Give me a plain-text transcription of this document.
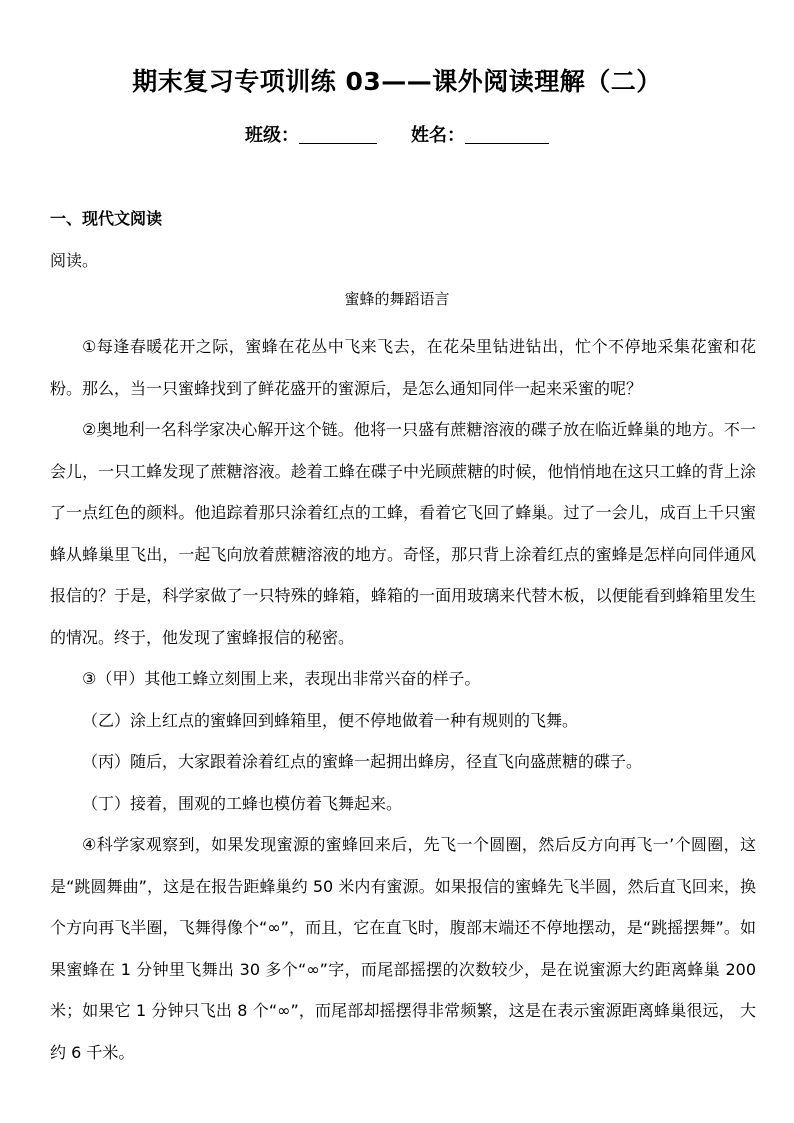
期末复习专项训练 03——课外阅读理解（二）
班级：	姓名：
一、现代文阅读
阅读。
蜜蜂的舞蹈语言

①每逢春暖花开之际，蜜蜂在花丛中飞来飞去，在花朵里钻进钻出，忙个不停地采集花蜜和花粉。那么，当一只蜜蜂找到了鲜花盛开的蜜源后，是怎么通知同伴一起来采蜜的呢？

②奥地利一名科学家决心解开这个链。他将一只盛有蔗糖溶液的碟子放在临近蜂巢的地方。不一会儿，一只工蜂发现了蔗糖溶液。趁着工蜂在碟子中光顾蔗糖的时候，他悄悄地在这只工蜂的背上涂了一点红色的颜料。他追踪着那只涂着红点的工蜂，看着它飞回了蜂巢。过了一会儿，成百上千只蜜蜂从蜂巢里飞出，一起飞向放着蔗糖溶液的地方。奇怪，那只背上涂着红点的蜜蜂是怎样向同伴通风报信的？于是，科学家做了一只特殊的蜂箱，蜂箱的一面用玻璃来代替木板，以便能看到蜂箱里发生的情况。终于，他发现了蜜蜂报信的秘密。

③（甲）其他工蜂立刻围上来，表现出非常兴奋的样子。

（乙）涂上红点的蜜蜂回到蜂箱里，便不停地做着一种有规则的飞舞。

（丙）随后，大家跟着涂着红点的蜜蜂一起拥出蜂房，径直飞向盛蔗糖的碟子。

（丁）接着，围观的工蜂也模仿着飞舞起来。

④科学家观察到，如果发现蜜源的蜜蜂回来后，先飞一个圆圈，然后反方向再飞一’个圆圈，这是“跳圆舞曲”，这是在报告距蜂巢约 50 米内有蜜源。如果报信的蜜蜂先飞半圆，然后直飞回来，换个方向再飞半圈，飞舞得像个“∞”，而且，它在直飞时，腹部末端还不停地摆动，是“跳摇摆舞”。如果蜜蜂在 1 分钟里飞舞出 30 多个“∞”字，而尾部摇摆的次数较少，是在说蜜源大约距离蜂巢 200 米；如果它 1 分钟只飞出 8 个“∞”，而尾部却摇摆得非常频繁，这是在表示蜜源距离蜂巢很远， 大约 6 千米。
